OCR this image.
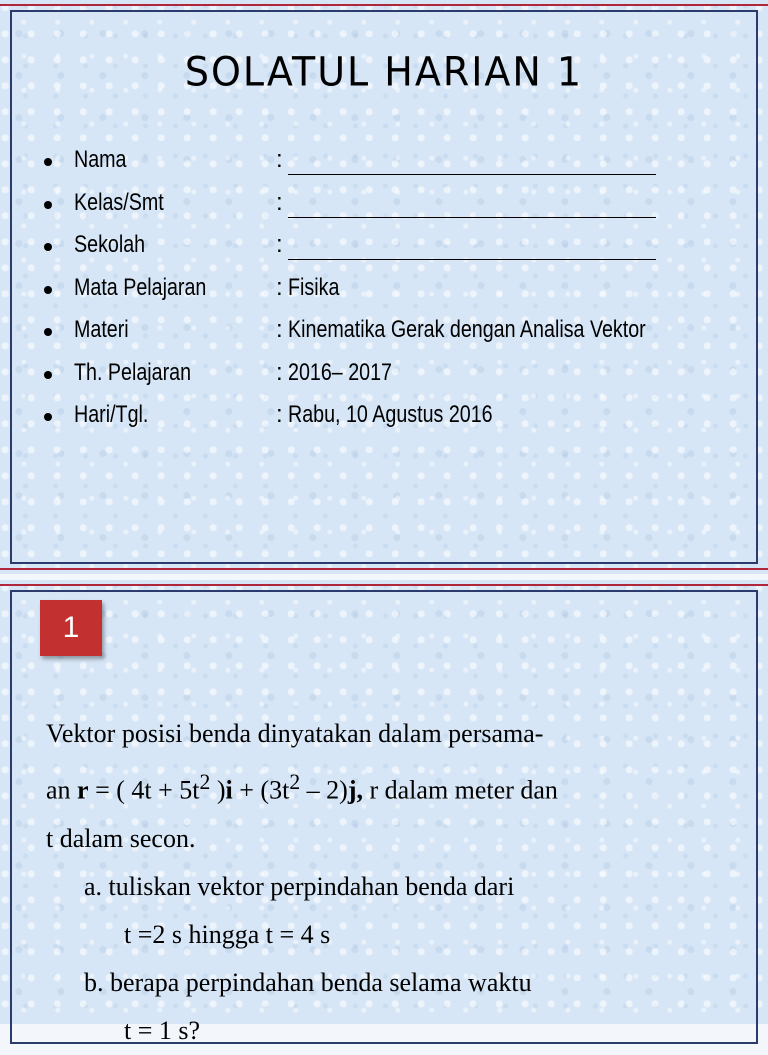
SOLATUL HARIAN 1
Nama	:
Kelas/Smt	:
Sekolah	:
Mata Pelajaran	: Fisika
Materi	: Kinematika Gerak dengan Analisa Vektor
Th. Pelajaran	: 2016– 2017
Hari/Tgl.	: Rabu, 10 Agustus 2016
1
Vektor posisi benda dinyatakan dalam persama-
an r = ( $4t + 5t^2$ )$i + (3t^2 - 2)j$, r dalam meter dan
t dalam secon.
a. tuliskan vektor perpindahan benda dari
t =2 s hingga t = 4 s
b. berapa perpindahan benda selama waktu
t = 1 s?
